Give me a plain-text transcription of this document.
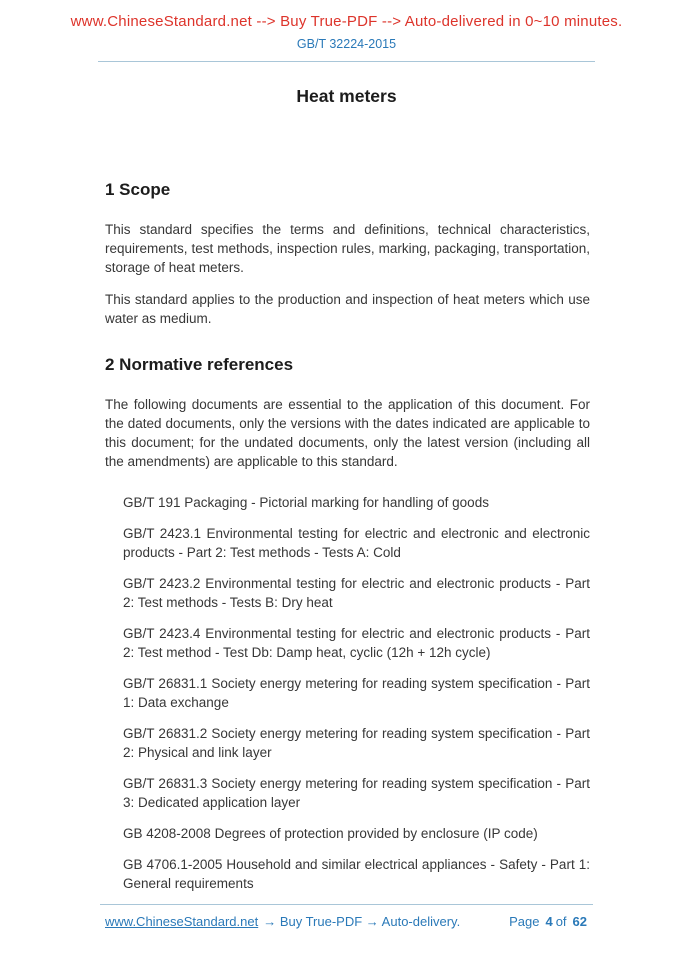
www.ChineseStandard.net --> Buy True-PDF --> Auto-delivered in 0~10 minutes.
GB/T 32224-2015
Heat meters
1 Scope

This standard specifies the terms and definitions, technical characteristics, requirements, test methods, inspection rules, marking, packaging, transportation, storage of heat meters.

This standard applies to the production and inspection of heat meters which use water as medium.

2 Normative references

The following documents are essential to the application of this document. For the dated documents, only the versions with the dates indicated are applicable to this document; for the undated documents, only the latest version (including all the amendments) are applicable to this standard.

GB/T 191 Packaging - Pictorial marking for handling of goods

GB/T 2423.1 Environmental testing for electric and electronic and electronic products - Part 2: Test methods - Tests A: Cold

GB/T 2423.2 Environmental testing for electric and electronic products - Part 2: Test methods - Tests B: Dry heat

GB/T 2423.4 Environmental testing for electric and electronic products - Part 2: Test method - Test Db: Damp heat, cyclic (12h + 12h cycle)

GB/T 26831.1 Society energy metering for reading system specification - Part 1: Data exchange

GB/T 26831.2 Society energy metering for reading system specification - Part 2: Physical and link layer

GB/T 26831.3 Society energy metering for reading system specification - Part 3: Dedicated application layer

GB 4208-2008 Degrees of protection provided by enclosure (IP code)

GB 4706.1-2005 Household and similar electrical appliances - Safety - Part 1: General requirements

www.ChineseStandard.net → Buy True-PDF → Auto-delivery.	Page 4 of 62
